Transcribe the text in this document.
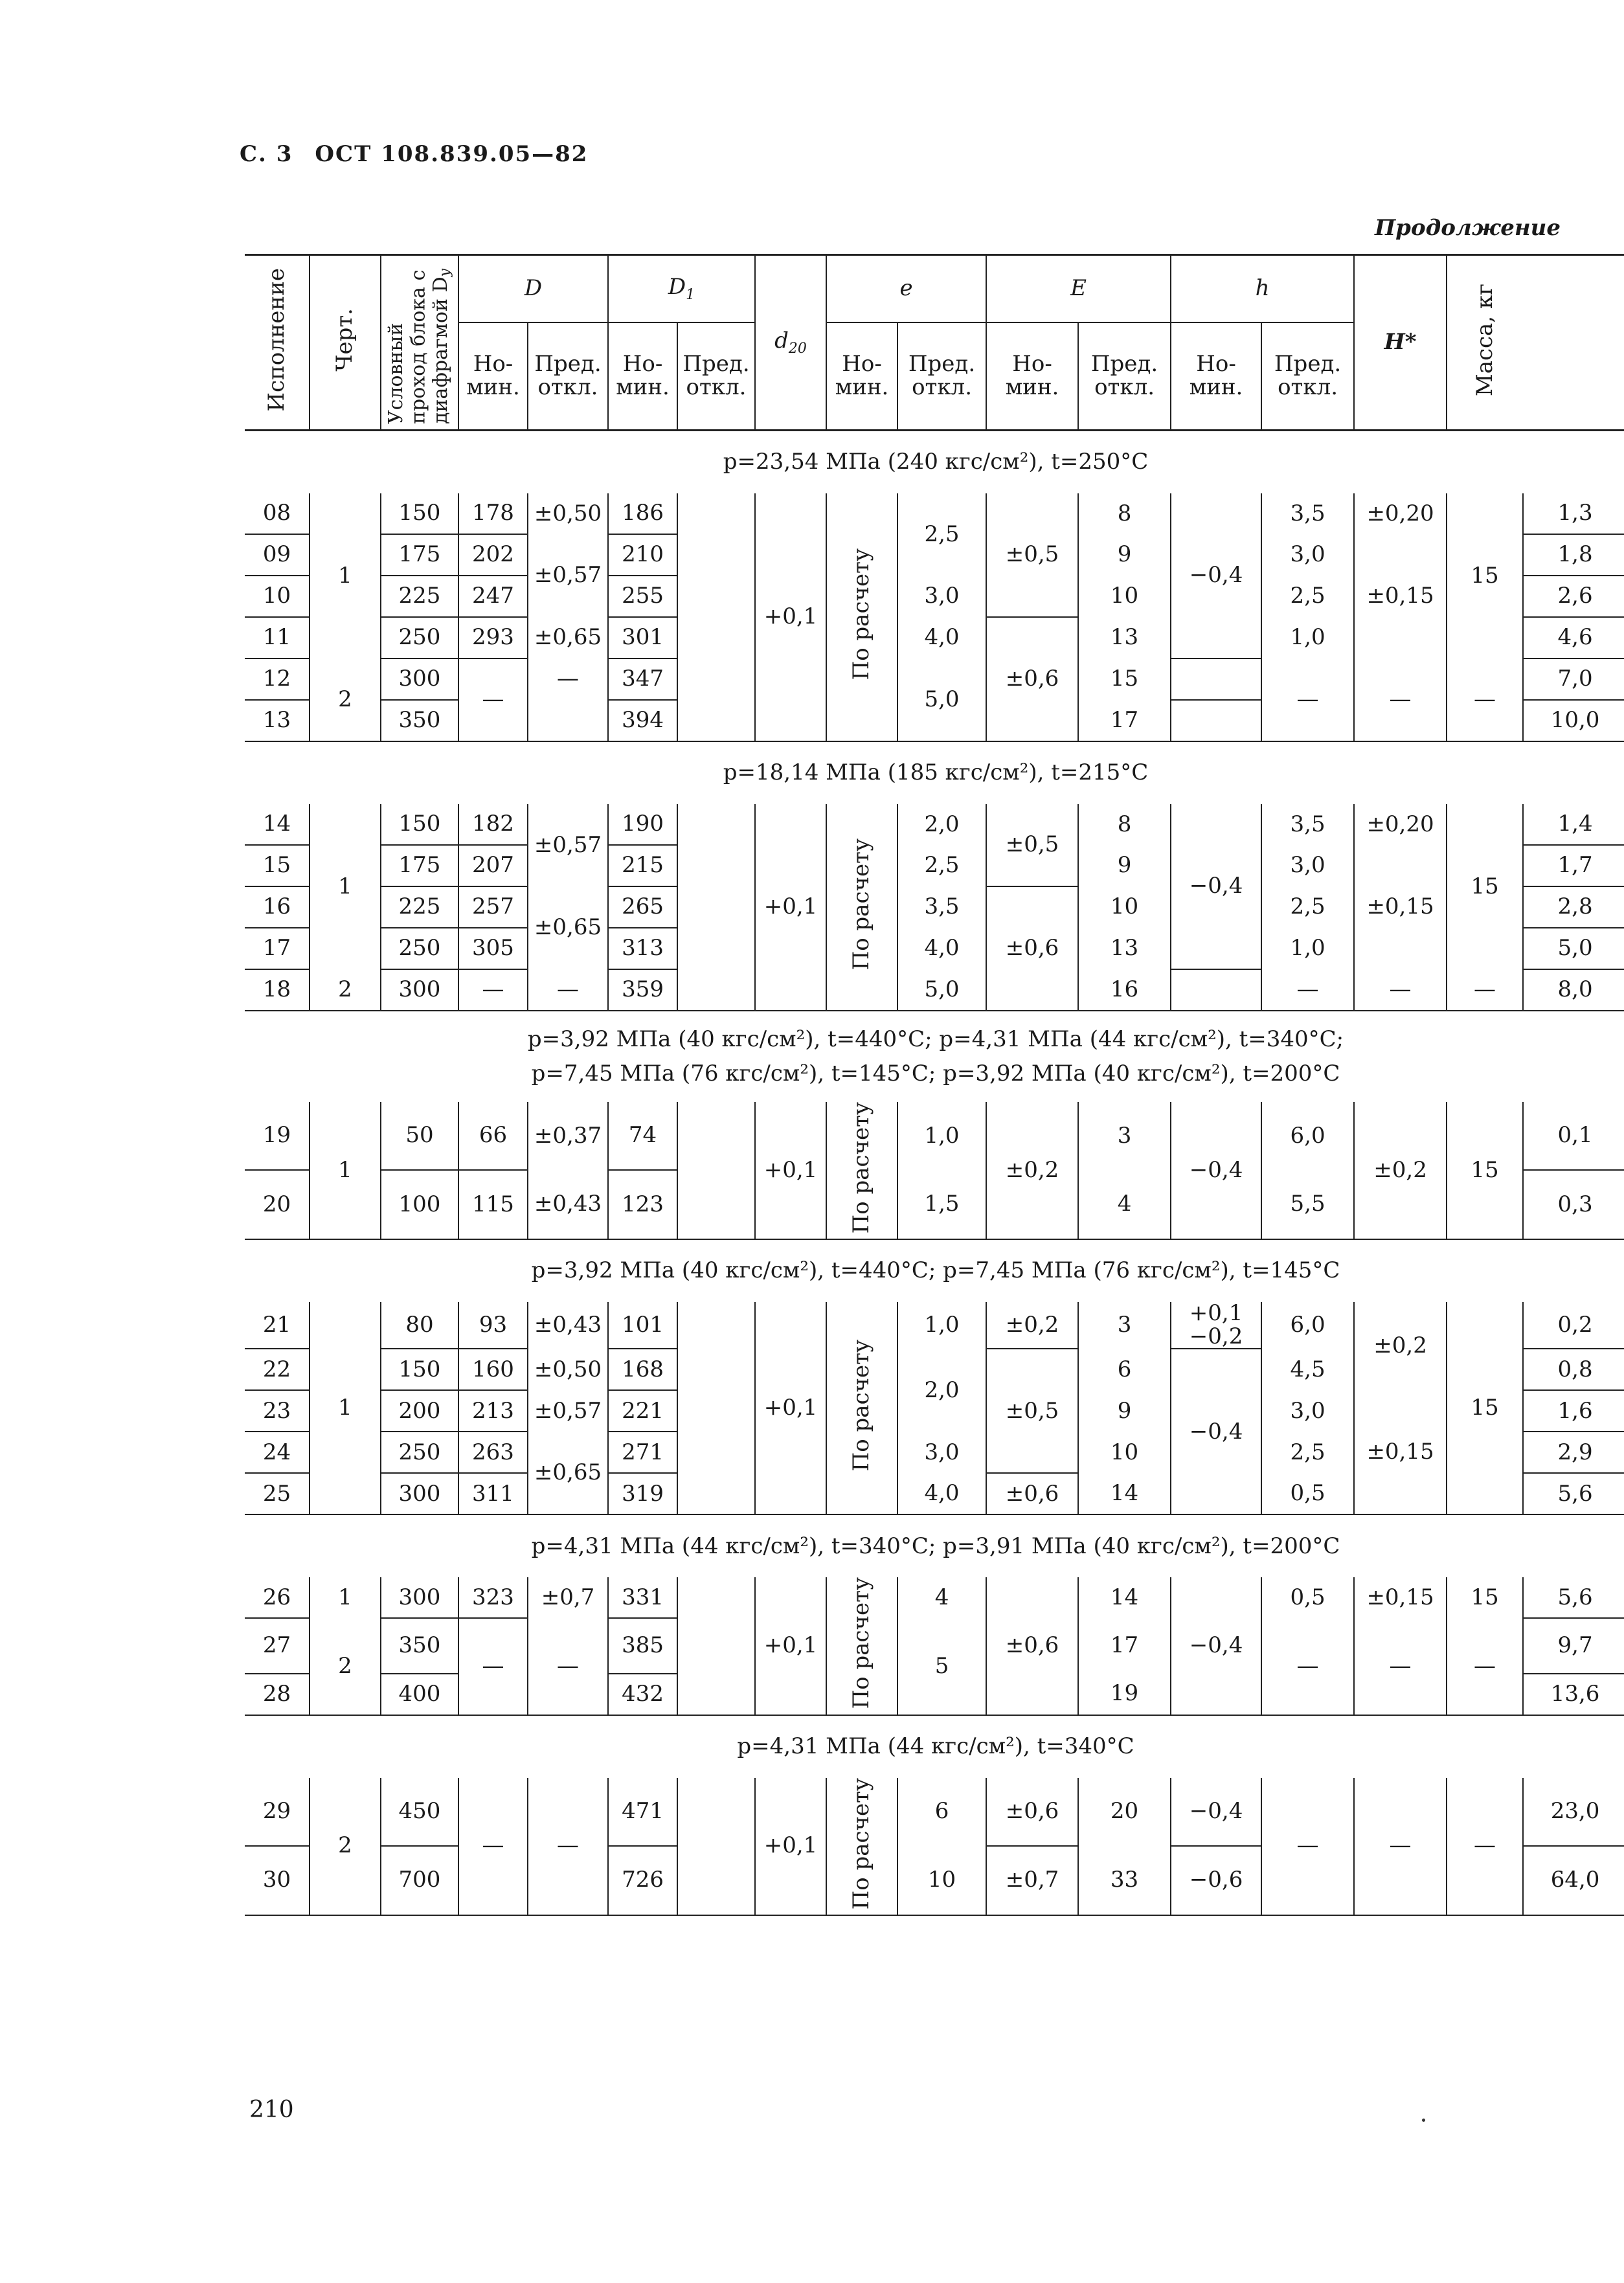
С. 3 ОСТ 108.839.05—82
Продолжение
Исполнение	Черт.	Условный проход блока с диафрагмой $D_у$	D		$D_1$		$d_{20}$	e		E		h		H*	Масса, кг	
			Но-мин.	Пред. откл.	Но-мин.	Пред. откл.		Но-мин.	Пред. откл.	Но-мин.	Пред. откл.	Но-мин.	Пред. откл.			
p=23,54 МПа (240 кгс/см²), t=250°C																
08	1	150	178	±0,50	186		+0,1	По расчету	2,5	±0,5	8	−0,4	3,5	±0,20	15	1,3
09		175	202	±0,57	210						9		3,0	±0,15		1,8
10		225	247		255				3,0		10		2,5			2,6
11		250	293	±0,65	301				4,0	±0,6	13		1,0			4,6
12	2	300	—	—	347				5,0		15		—	—	—	7,0
13		350			394						17					10,0
p=18,14 МПа (185 кгс/см²), t=215°C																
14	1	150	182	±0,57	190		+0,1	По расчету	2,0	±0,5	8	−0,4	3,5	±0,20	15	1,4
15		175	207		215				2,5		9		3,0	±0,15		1,7
16		225	257	±0,65	265				3,5	±0,6	10		2,5			2,8
17		250	305		313				4,0		13		1,0			5,0
18	2	300	—	—	359				5,0		16		—	—	—	8,0

p=3,92 МПа (40 кгс/см²), t=440°C; p=4,31 МПа (44 кгс/см²), t=340°C;
p=7,45 МПа (76 кгс/см²), t=145°C; p=3,92 МПа (40 кгс/см²), t=200°C																

19	1	50	66	±0,37	74		+0,1	По расчету	1,0	±0,2	3	−0,4	6,0	±0,2	15	0,1
20		100	115	±0,43	123				1,5		4		5,5			0,3
p=3,92 МПа (40 кгс/см²), t=440°C; p=7,45 МПа (76 кгс/см²), t=145°C																
21	1	80	93	±0,43	101		+0,1	По расчету	1,0	±0,2	3	+0,1 −0,2	6,0	±0,2	15	0,2
22		150	160	±0,50	168				2,0	±0,5	6	−0,4	4,5			0,8
23		200	213	±0,57	221						9		3,0	±0,15		1,6
24		250	263	±0,65	271				3,0		10		2,5			2,9
25		300	311		319				4,0	±0,6	14		0,5			5,6
p=4,31 МПа (44 кгс/см²), t=340°C; p=3,91 МПа (40 кгс/см²), t=200°C																
26	1	300	323	±0,7	331		+0,1	По расчету	4	±0,6	14	−0,4	0,5	±0,15	15	5,6
27	2	350	—	—	385				5		17		—	—	—	9,7
28		400			432						19					13,6
p=4,31 МПа (44 кгс/см²), t=340°C																
29	2	450	—	—	471		+0,1	По расчету	6	±0,6	20	−0,4	—	—	—	23,0
30		700			726				10	±0,7	33	−0,6				64,0
210
